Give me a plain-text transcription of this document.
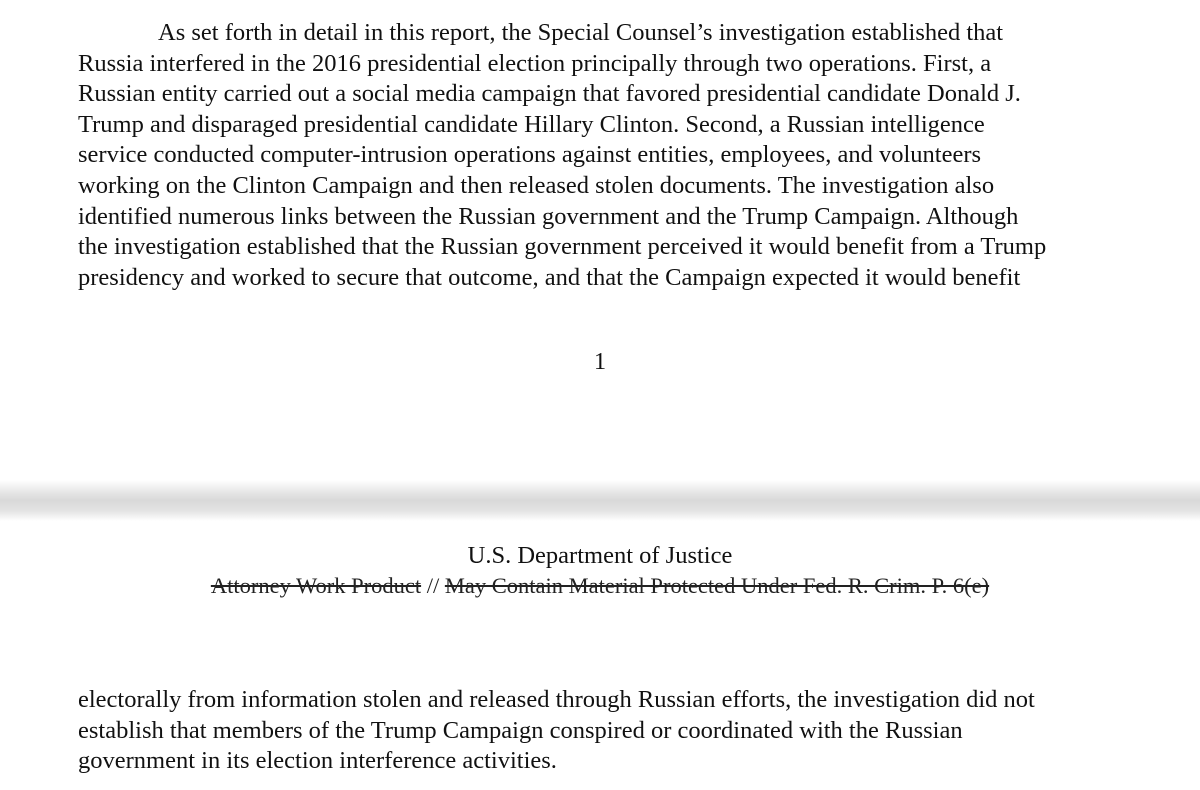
As set forth in detail in this report, the Special Counsel’s investigation established that
Russia interfered in the 2016 presidential election principally through two operations. First, a
Russian entity carried out a social media campaign that favored presidential candidate Donald J.
Trump and disparaged presidential candidate Hillary Clinton. Second, a Russian intelligence
service conducted computer-intrusion operations against entities, employees, and volunteers
working on the Clinton Campaign and then released stolen documents. The investigation also
identified numerous links between the Russian government and the Trump Campaign. Although
the investigation established that the Russian government perceived it would benefit from a Trump
presidency and worked to secure that outcome, and that the Campaign expected it would benefit

1
U.S. Department of Justice
Attorney Work Product // May Contain Material Protected Under Fed. R. Crim. P. 6(e)

electorally from information stolen and released through Russian efforts, the investigation did not
establish that members of the Trump Campaign conspired or coordinated with the Russian
government in its election interference activities.
